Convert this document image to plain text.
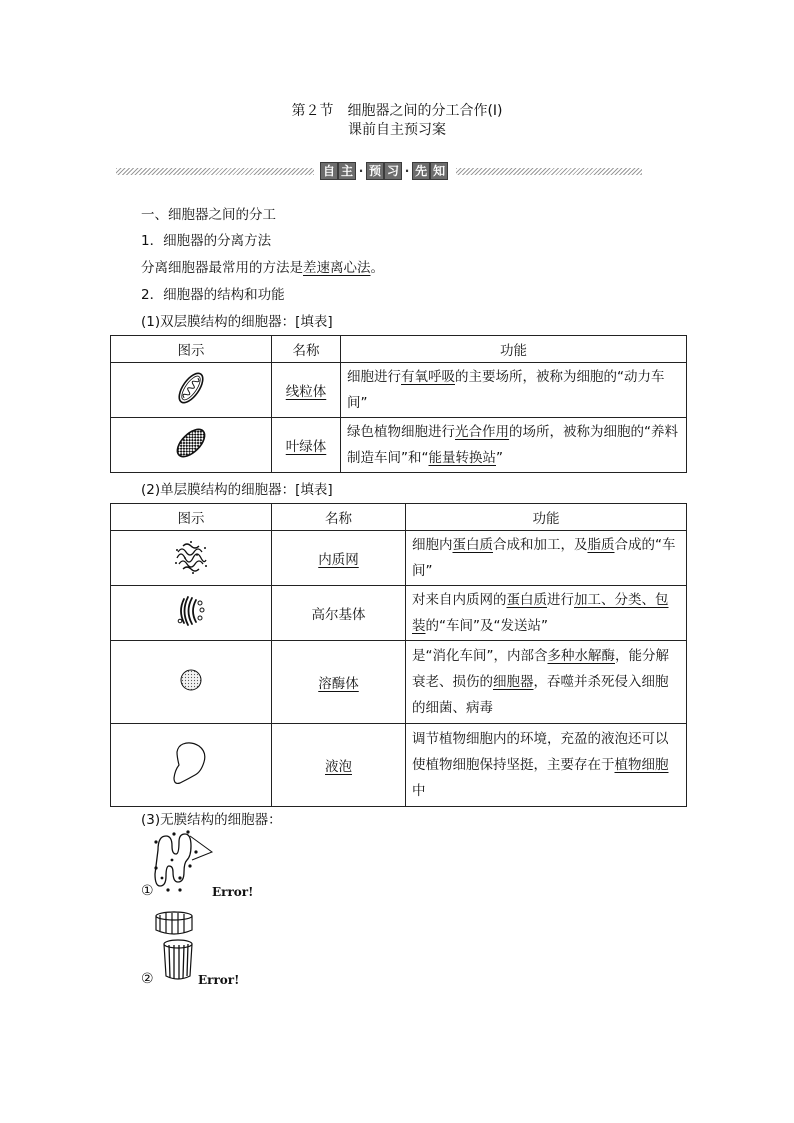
第２节　细胞器之间的分工合作(Ⅰ)
课前自主预习案
自 主 · 预 习 · 先 知
一、细胞器之间的分工
1．细胞器的分离方法
分离细胞器最常用的方法是差速离心法。
2．细胞器的结构和功能
(1)双层膜结构的细胞器：[填表]
图示	名称	功能
	线粒体	细胞进行有氧呼吸的主要场所，被称为细胞的“动力车间”
	叶绿体	绿色植物细胞进行光合作用的场所，被称为细胞的“养料制造车间”和“能量转换站”
(2)单层膜结构的细胞器：[填表]
图示	名称	功能
	内质网	细胞内蛋白质合成和加工，及脂质合成的“车间”
	高尔基体	对来自内质网的蛋白质进行加工、分类、包装的“车间”及“发送站”
	溶酶体	是“消化车间”，内部含多种水解酶，能分解衰老、损伤的细胞器，吞噬并杀死侵入细胞的细菌、病毒
	液泡	调节植物细胞内的环境，充盈的液泡还可以使植物细胞保持坚挺，主要存在于植物细胞中
(3)无膜结构的细胞器：
①	Error!
②	Error!
